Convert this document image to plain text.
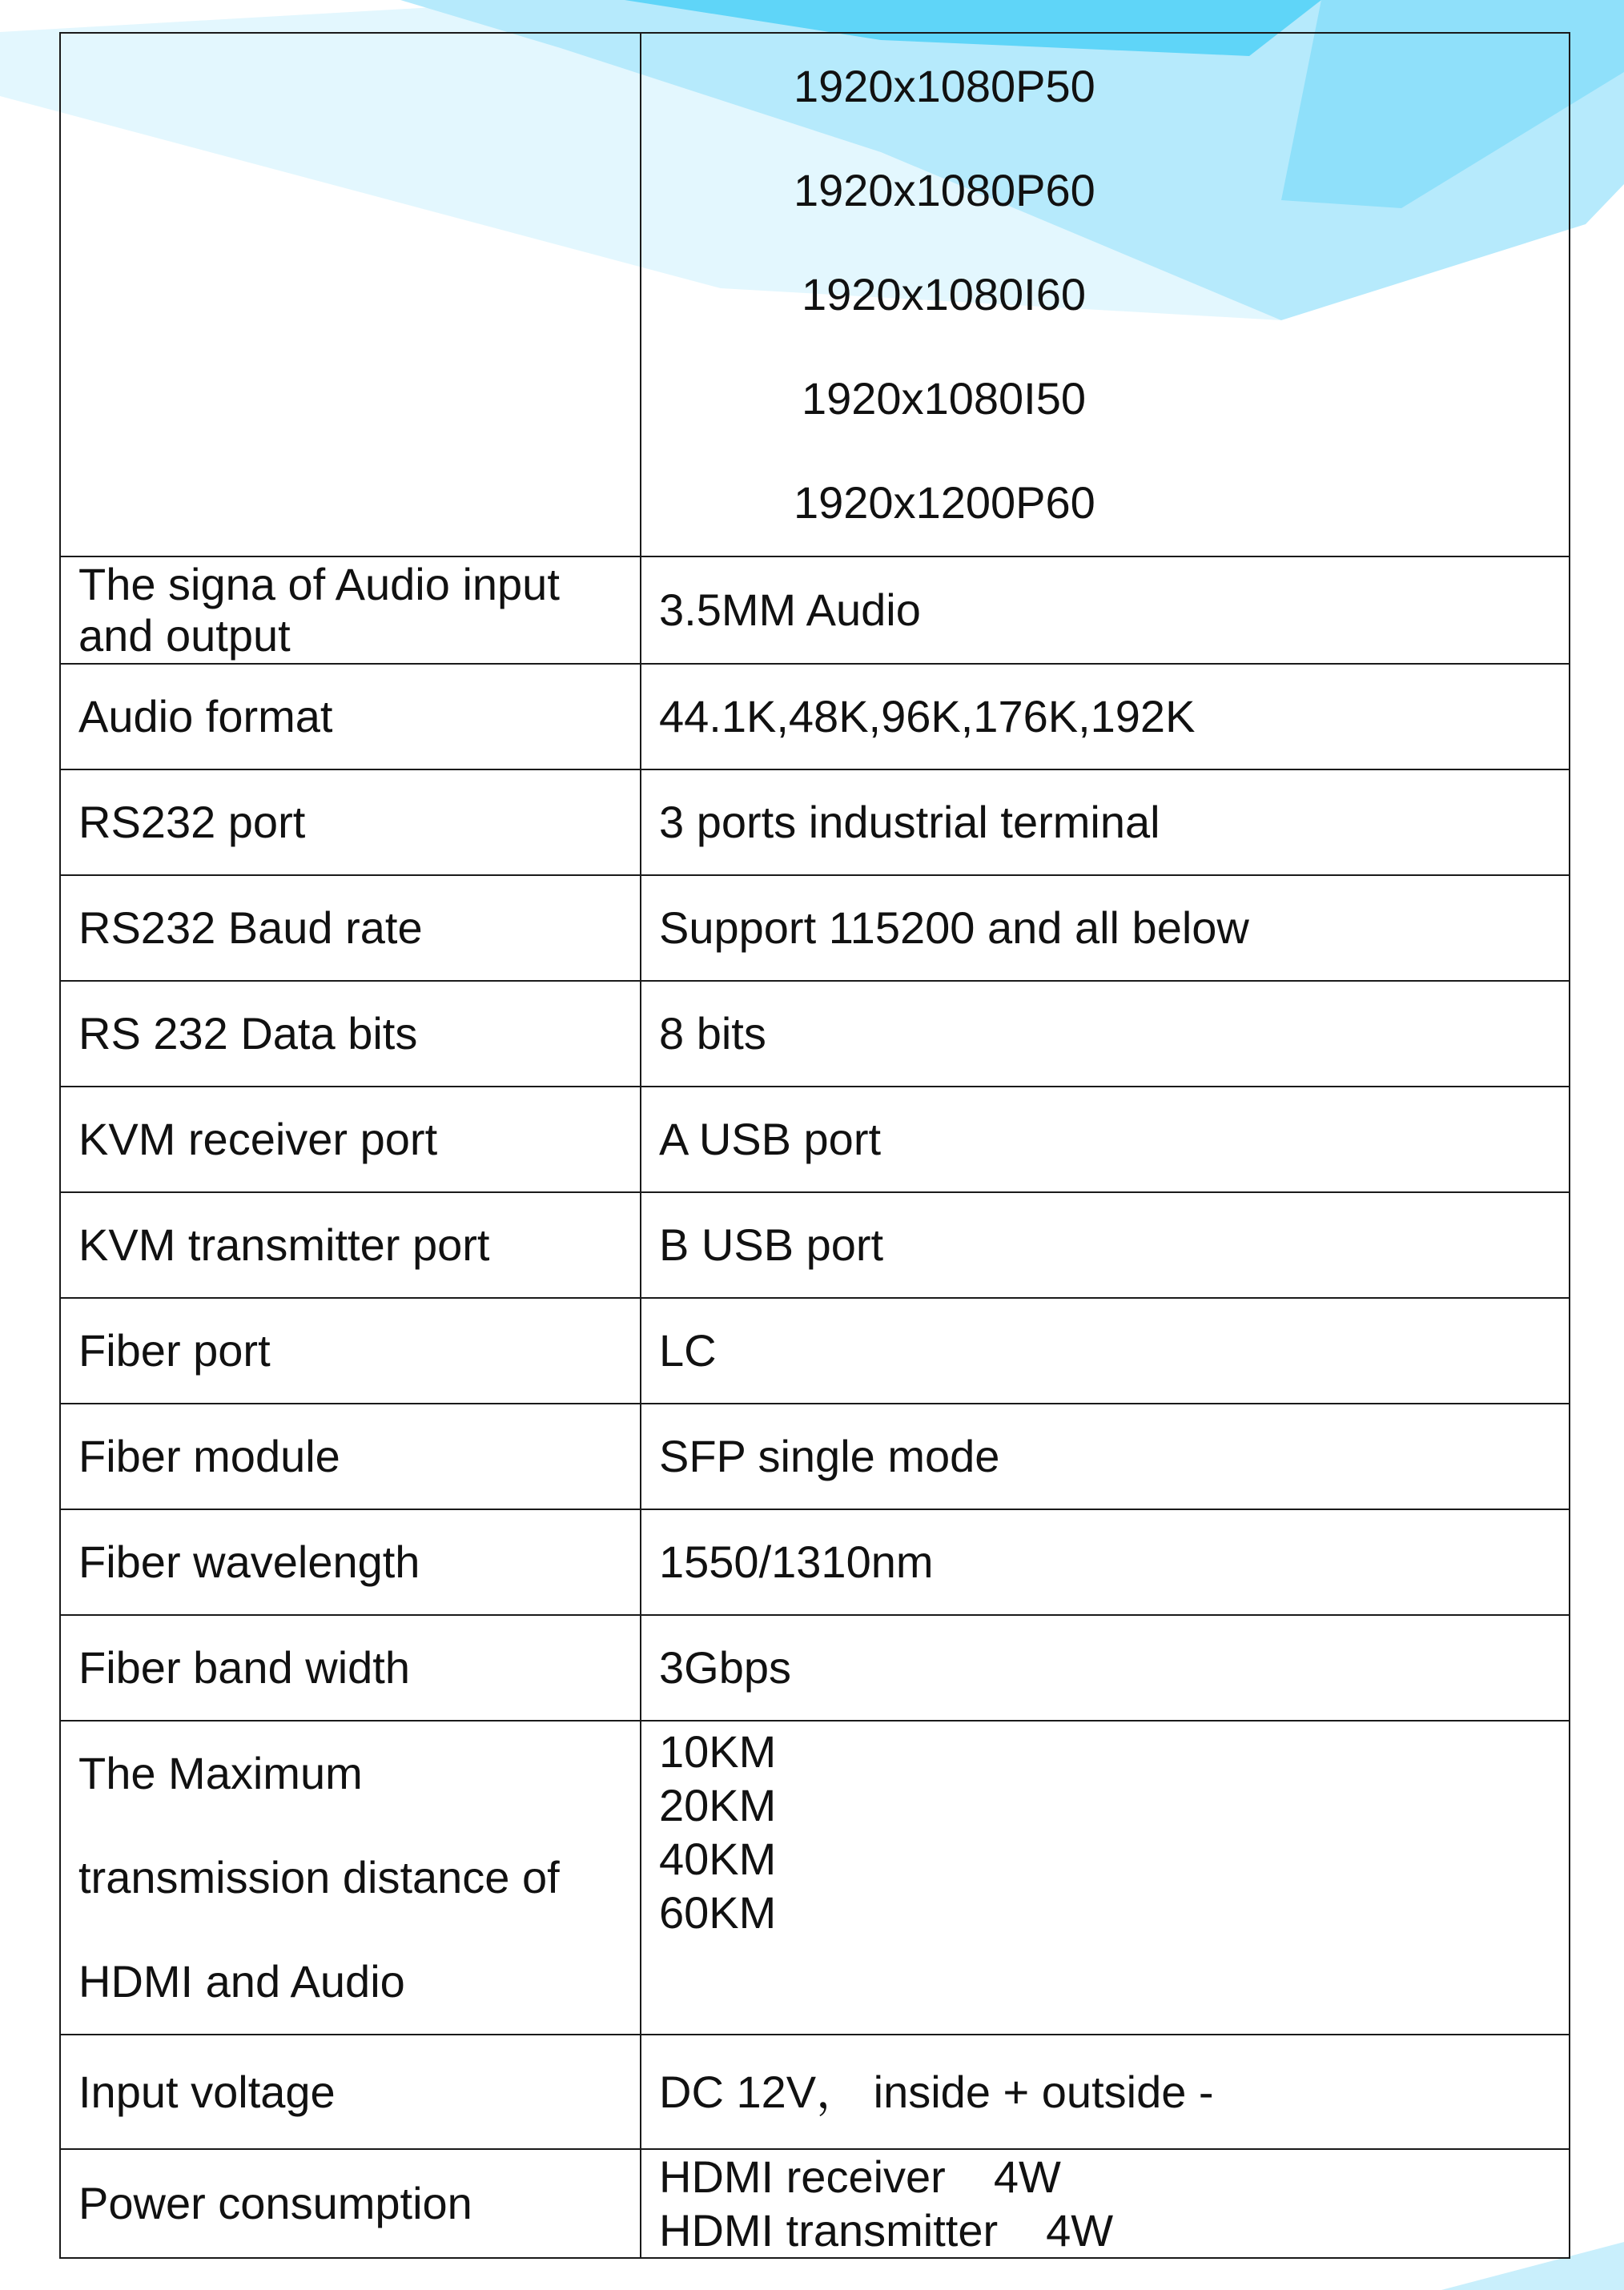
	1920x1080P50
1920x1080P60
1920x1080I60
1920x1080I50
1920x1200P60

The signa of Audio input and output	3.5MM Audio
Audio format	44.1K,48K,96K,176K,192K
RS232 port	3 ports industrial terminal
RS232 Baud rate	Support 115200 and all below
RS 232 Data bits	8 bits
KVM receiver port	A USB port
KVM transmitter port	B USB port
Fiber port	LC
Fiber module	SFP single mode
Fiber wavelength	1550/1310nm
Fiber band width	3Gbps

The Maximum
transmission distance of
HDMI and Audio	10KM
20KM
40KM
60KM

Input voltage	DC 12V， inside + outside -
Power consumption	HDMI receiver 4W
HDMI transmitter 4W
